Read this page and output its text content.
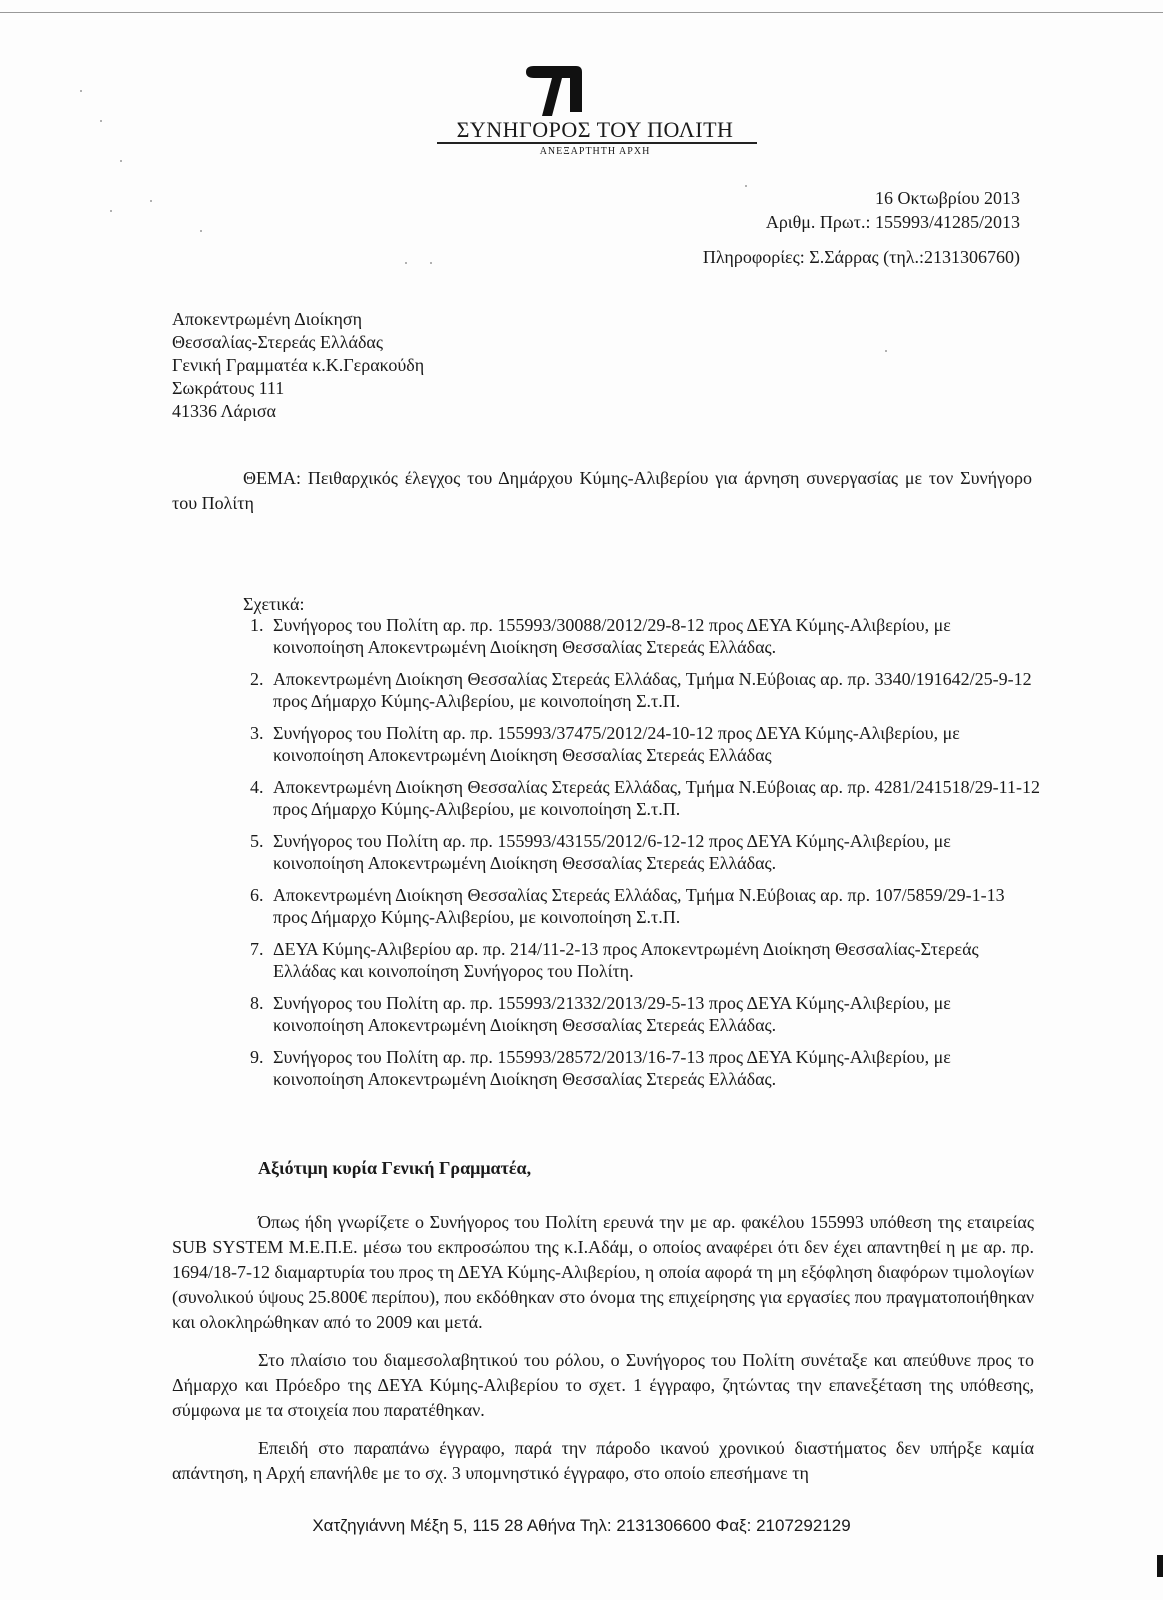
ΣΥΝΗΓΟΡΟΣ ΤΟΥ ΠΟΛΙΤΗ
ΑΝΕΞΑΡΤΗΤΗ ΑΡΧΗ
16 Οκτωβρίου 2013
Αριθμ. Πρωτ.: 155993/41285/2013
Πληροφορίες: Σ.Σάρρας (τηλ.:2131306760)
Αποκεντρωμένη Διοίκηση
Θεσσαλίας-Στερεάς Ελλάδας
Γενική Γραμματέα κ.Κ.Γερακούδη
Σωκράτους 111
41336 Λάρισα
ΘΕΜΑ: Πειθαρχικός έλεγχος του Δημάρχου Κύμης-Αλιβερίου για άρνηση συνεργασίας με τον Συνήγορο του Πολίτη
Σχετικά:
1. Συνήγορος του Πολίτη αρ. πρ. 155993/30088/2012/29-8-12 προς ΔΕΥΑ Κύμης-Αλιβερίου, με κοινοποίηση Αποκεντρωμένη Διοίκηση Θεσσαλίας Στερεάς Ελλάδας.
2. Αποκεντρωμένη Διοίκηση Θεσσαλίας Στερεάς Ελλάδας, Τμήμα Ν.Εύβοιας αρ. πρ. 3340/191642/25-9-12 προς Δήμαρχο Κύμης-Αλιβερίου, με κοινοποίηση Σ.τ.Π.
3. Συνήγορος του Πολίτη αρ. πρ. 155993/37475/2012/24-10-12 προς ΔΕΥΑ Κύμης-Αλιβερίου, με κοινοποίηση Αποκεντρωμένη Διοίκηση Θεσσαλίας Στερεάς Ελλάδας
4. Αποκεντρωμένη Διοίκηση Θεσσαλίας Στερεάς Ελλάδας, Τμήμα Ν.Εύβοιας αρ. πρ. 4281/241518/29-11-12 προς Δήμαρχο Κύμης-Αλιβερίου, με κοινοποίηση Σ.τ.Π.
5. Συνήγορος του Πολίτη αρ. πρ. 155993/43155/2012/6-12-12 προς ΔΕΥΑ Κύμης-Αλιβερίου, με κοινοποίηση Αποκεντρωμένη Διοίκηση Θεσσαλίας Στερεάς Ελλάδας.
6. Αποκεντρωμένη Διοίκηση Θεσσαλίας Στερεάς Ελλάδας, Τμήμα Ν.Εύβοιας αρ. πρ. 107/5859/29-1-13 προς Δήμαρχο Κύμης-Αλιβερίου, με κοινοποίηση Σ.τ.Π.
7. ΔΕΥΑ Κύμης-Αλιβερίου αρ. πρ. 214/11-2-13 προς Αποκεντρωμένη Διοίκηση Θεσσαλίας-Στερεάς Ελλάδας και κοινοποίηση Συνήγορος του Πολίτη.
8. Συνήγορος του Πολίτη αρ. πρ. 155993/21332/2013/29-5-13 προς ΔΕΥΑ Κύμης-Αλιβερίου, με κοινοποίηση Αποκεντρωμένη Διοίκηση Θεσσαλίας Στερεάς Ελλάδας.
9. Συνήγορος του Πολίτη αρ. πρ. 155993/28572/2013/16-7-13 προς ΔΕΥΑ Κύμης-Αλιβερίου, με κοινοποίηση Αποκεντρωμένη Διοίκηση Θεσσαλίας Στερεάς Ελλάδας.
Αξιότιμη κυρία Γενική Γραμματέα,

Όπως ήδη γνωρίζετε ο Συνήγορος του Πολίτη ερευνά την με αρ. φακέλου 155993 υπόθεση της εταιρείας SUB SYSTEM Μ.Ε.Π.Ε. μέσω του εκπροσώπου της κ.Ι.Αδάμ, ο οποίος αναφέρει ότι δεν έχει απαντηθεί η με αρ. πρ. 1694/18-7-12 διαμαρτυρία του προς τη ΔΕΥΑ Κύμης-Αλιβερίου, η οποία αφορά τη μη εξόφληση διαφόρων τιμολογίων (συνολικού ύψους 25.800€ περίπου), που εκδόθηκαν στο όνομα της επιχείρησης για εργασίες που πραγματοποιήθηκαν και ολοκληρώθηκαν από το 2009 και μετά.

Στο πλαίσιο του διαμεσολαβητικού του ρόλου, ο Συνήγορος του Πολίτη συνέταξε και απεύθυνε προς το Δήμαρχο και Πρόεδρο της ΔΕΥΑ Κύμης-Αλιβερίου το σχετ. 1 έγγραφο, ζητώντας την επανεξέταση της υπόθεσης, σύμφωνα με τα στοιχεία που παρατέθηκαν.

Επειδή στο παραπάνω έγγραφο, παρά την πάροδο ικανού χρονικού διαστήματος δεν υπήρξε καμία απάντηση, η Αρχή επανήλθε με το σχ. 3 υπομνηστικό έγγραφο, στο οποίο επεσήμανε τη

Χατζηγιάννη Μέξη 5, 115 28 Αθήνα Τηλ: 2131306600 Φαξ: 2107292129
